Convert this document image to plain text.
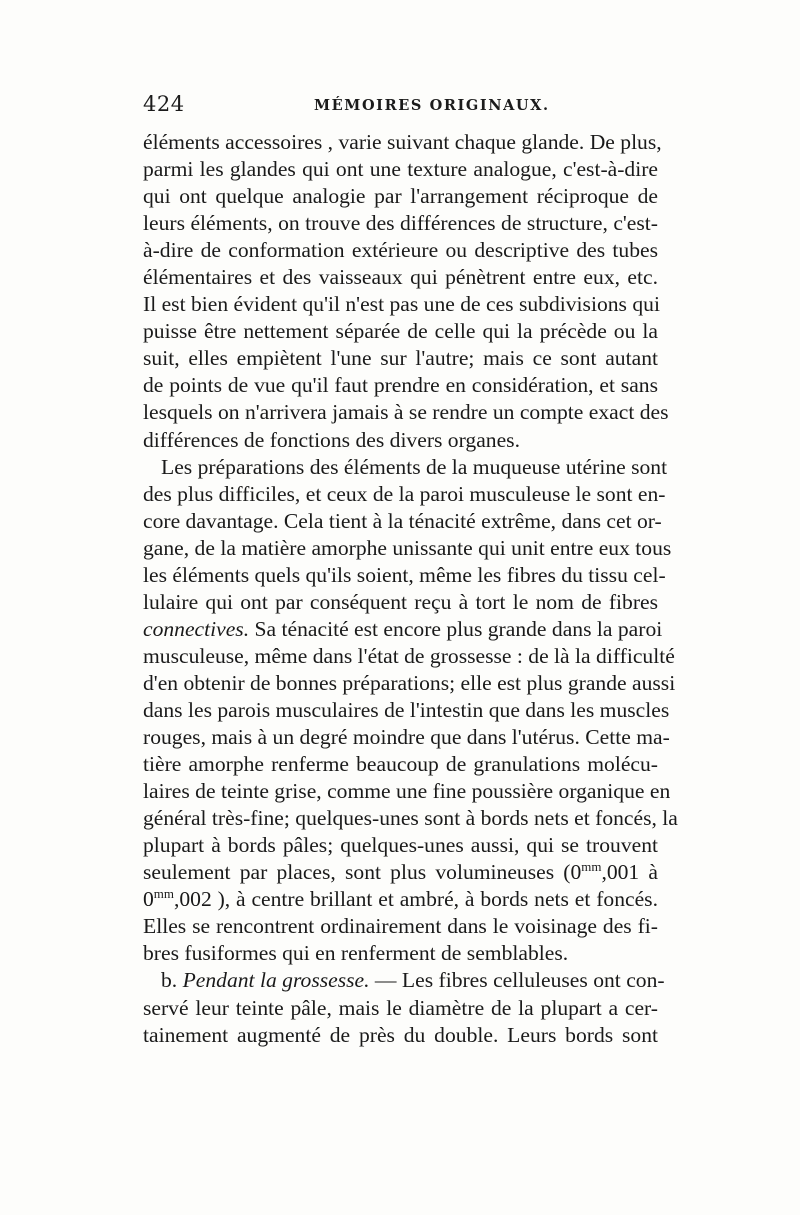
424	MÉMOIRES ORIGINAUX.
éléments accessoires , varie suivant chaque glande. De plus,
parmi les glandes qui ont une texture analogue, c'est-à-dire
qui ont quelque analogie par l'arrangement réciproque de
leurs éléments, on trouve des différences de structure, c'est-
à-dire de conformation extérieure ou descriptive des tubes
élémentaires et des vaisseaux qui pénètrent entre eux, etc.
Il est bien évident qu'il n'est pas une de ces subdivisions qui
puisse être nettement séparée de celle qui la précède ou la
suit, elles empiètent l'une sur l'autre; mais ce sont autant
de points de vue qu'il faut prendre en considération, et sans
lesquels on n'arrivera jamais à se rendre un compte exact des
différences de fonctions des divers organes.
Les préparations des éléments de la muqueuse utérine sont
des plus difficiles, et ceux de la paroi musculeuse le sont en-
core davantage. Cela tient à la ténacité extrême, dans cet or-
gane, de la matière amorphe unissante qui unit entre eux tous
les éléments quels qu'ils soient, même les fibres du tissu cel-
lulaire qui ont par conséquent reçu à tort le nom de fibres
connectives. Sa ténacité est encore plus grande dans la paroi
musculeuse, même dans l'état de grossesse : de là la difficulté
d'en obtenir de bonnes préparations; elle est plus grande aussi
dans les parois musculaires de l'intestin que dans les muscles
rouges, mais à un degré moindre que dans l'utérus. Cette ma-
tière amorphe renferme beaucoup de granulations molécu-
laires de teinte grise, comme une fine poussière organique en
général très-fine; quelques-unes sont à bords nets et foncés, la
plupart à bords pâles; quelques-unes aussi, qui se trouvent
seulement par places, sont plus volumineuses ($0^{mm},001$ à
$0^{mm},002$ ), à centre brillant et ambré, à bords nets et foncés.
Elles se rencontrent ordinairement dans le voisinage des fi-
bres fusiformes qui en renferment de semblables.
b. Pendant la grossesse. — Les fibres celluleuses ont con-
servé leur teinte pâle, mais le diamètre de la plupart a cer-
tainement augmenté de près du double. Leurs bords sont
